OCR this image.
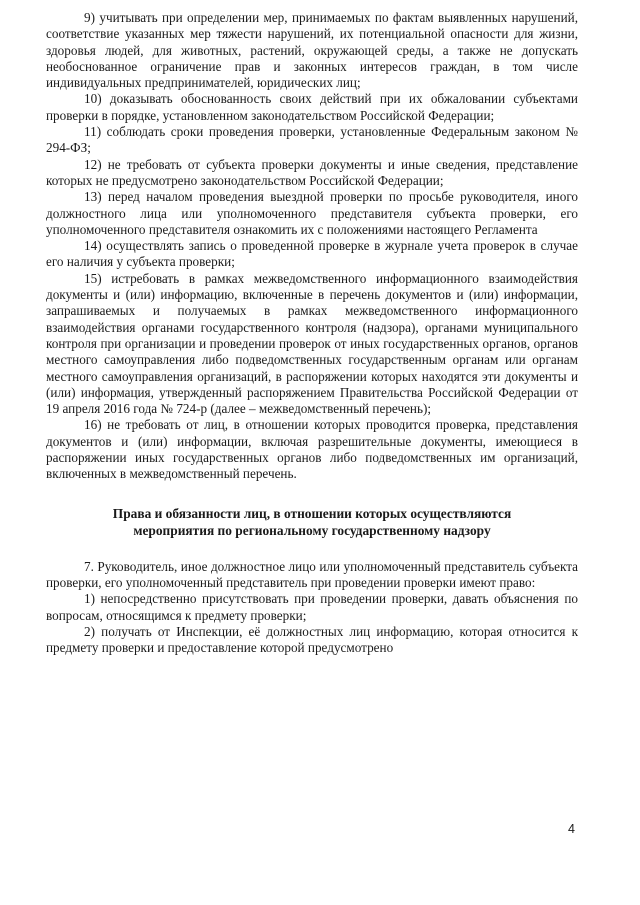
9) учитывать при определении мер, принимаемых по фактам выявленных нарушений, соответствие указанных мер тяжести нарушений, их потенциальной опасности для жизни, здоровья людей, для животных, растений, окружающей среды, а также не допускать необоснованное ограничение прав и законных интересов граждан, в том числе индивидуальных предпринимателей, юридических лиц;

10) доказывать обоснованность своих действий при их обжаловании субъектами проверки в порядке, установленном законодательством Российской Федерации;

11) соблюдать сроки проведения проверки, установленные Федеральным законом № 294-ФЗ;

12) не требовать от субъекта проверки документы и иные сведения, представление которых не предусмотрено законодательством Российской Федерации;

13) перед началом проведения выездной проверки по просьбе руководителя, иного должностного лица или уполномоченного представителя субъекта проверки, его уполномоченного представителя ознакомить их с положениями настоящего Регламента

14) осуществлять запись о проведенной проверке в журнале учета проверок в случае его наличия у субъекта проверки;

15) истребовать в рамках межведомственного информационного взаимодействия документы и (или) информацию, включенные в перечень документов и (или) информации, запрашиваемых и получаемых в рамках межведомственного информационного взаимодействия органами государственного контроля (надзора), органами муниципального контроля при организации и проведении проверок от иных государственных органов, органов местного самоуправления либо подведомственных государственным органам или органам местного самоуправления организаций, в распоряжении которых находятся эти документы и (или) информация, утвержденный распоряжением Правительства Российской Федерации от 19 апреля 2016 года № 724-р (далее – межведомственный перечень);

16) не требовать от лиц, в отношении которых проводится проверка, представления документов и (или) информации, включая разрешительные документы, имеющиеся в распоряжении иных государственных органов либо подведомственных им организаций, включенных в межведомственный перечень.

Права и обязанности лиц, в отношении которых осуществляются
мероприятия по региональному государственному надзору

7. Руководитель, иное должностное лицо или уполномоченный представитель субъекта проверки, его уполномоченный представитель при проведении проверки имеют право:

1) непосредственно присутствовать при проведении проверки, давать объяснения по вопросам, относящимся к предмету проверки;

2) получать от Инспекции, её должностных лиц информацию, которая относится к предмету проверки и предоставление которой предусмотрено

4
